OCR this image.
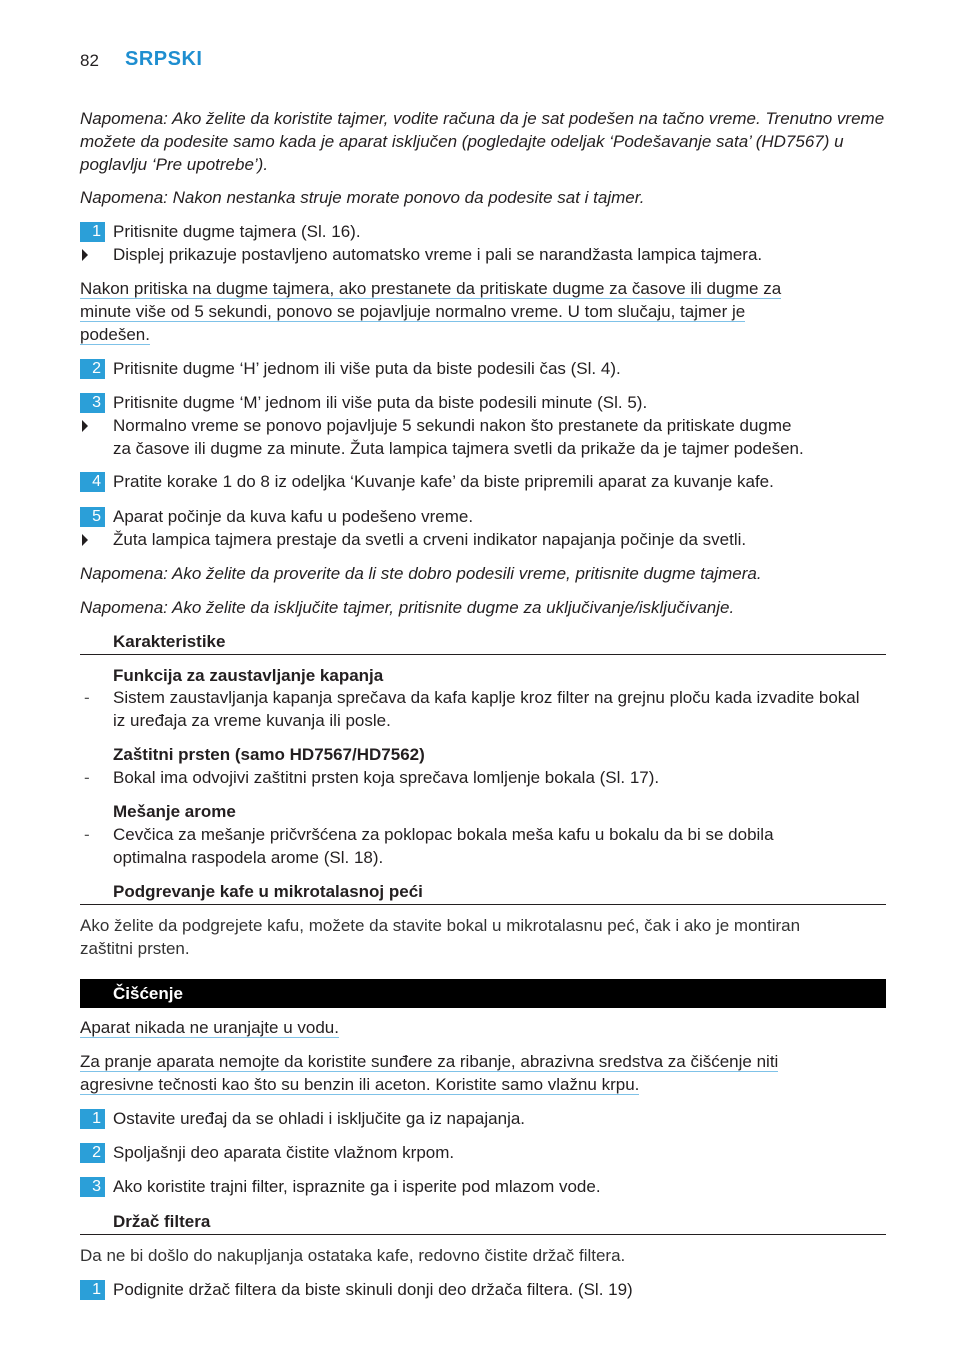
82 SRPSKI
Napomena: Ako želite da koristite tajmer, vodite računa da je sat podešen na tačno vreme. Trenutno vreme možete da podesite samo kada je aparat isključen (pogledajte odeljak ‘Podešavanje sata’ (HD7567) u poglavlju ‘Pre upotrebe’).
Napomena: Nakon nestanka struje morate ponovo da podesite sat i tajmer.
1 Pritisnite dugme tajmera (Sl. 16).
Displej prikazuje postavljeno automatsko vreme i pali se narandžasta lampica tajmera.
Nakon pritiska na dugme tajmera, ako prestanete da pritiskate dugme za časove ili dugme za
minute više od 5 sekundi, ponovo se pojavljuje normalno vreme. U tom slučaju, tajmer je
podešen.
2 Pritisnite dugme ‘H’ jednom ili više puta da biste podesili čas (Sl. 4).
3 Pritisnite dugme ‘M’ jednom ili više puta da biste podesili minute (Sl. 5).
Normalno vreme se ponovo pojavljuje 5 sekundi nakon što prestanete da pritiskate dugme
za časove ili dugme za minute. Žuta lampica tajmera svetli da prikaže da je tajmer podešen.
4 Pratite korake 1 do 8 iz odeljka ‘Kuvanje kafe’ da biste pripremili aparat za kuvanje kafe.
5 Aparat počinje da kuva kafu u podešeno vreme.
Žuta lampica tajmera prestaje da svetli a crveni indikator napajanja počinje da svetli.
Napomena: Ako želite da proverite da li ste dobro podesili vreme, pritisnite dugme tajmera.
Napomena: Ako želite da isključite tajmer, pritisnite dugme za uključivanje/isključivanje.
Karakteristike
Funkcija za zaustavljanje kapanja
- Sistem zaustavljanja kapanja sprečava da kafa kaplje kroz filter na grejnu ploču kada izvadite bokal
iz uređaja za vreme kuvanja ili posle.
Zaštitni prsten (samo HD7567/HD7562)
- Bokal ima odvojivi zaštitni prsten koja sprečava lomljenje bokala (Sl. 17).
Mešanje arome
- Cevčica za mešanje pričvršćena za poklopac bokala meša kafu u bokalu da bi se dobila
optimalna raspodela arome (Sl. 18).
Podgrevanje kafe u mikrotalasnoj peći
Ako želite da podgrejete kafu, možete da stavite bokal u mikrotalasnu peć, čak i ako je montiran
zaštitni prsten.
Čišćenje
Aparat nikada ne uranjajte u vodu.
Za pranje aparata nemojte da koristite sunđere za ribanje, abrazivna sredstva za čišćenje niti
agresivne tečnosti kao što su benzin ili aceton. Koristite samo vlažnu krpu.
1 Ostavite uređaj da se ohladi i isključite ga iz napajanja.
2 Spoljašnji deo aparata čistite vlažnom krpom.
3 Ako koristite trajni filter, ispraznite ga i isperite pod mlazom vode.
Držač filtera
Da ne bi došlo do nakupljanja ostataka kafe, redovno čistite držač filtera.
1 Podignite držač filtera da biste skinuli donji deo držača filtera. (Sl. 19)
